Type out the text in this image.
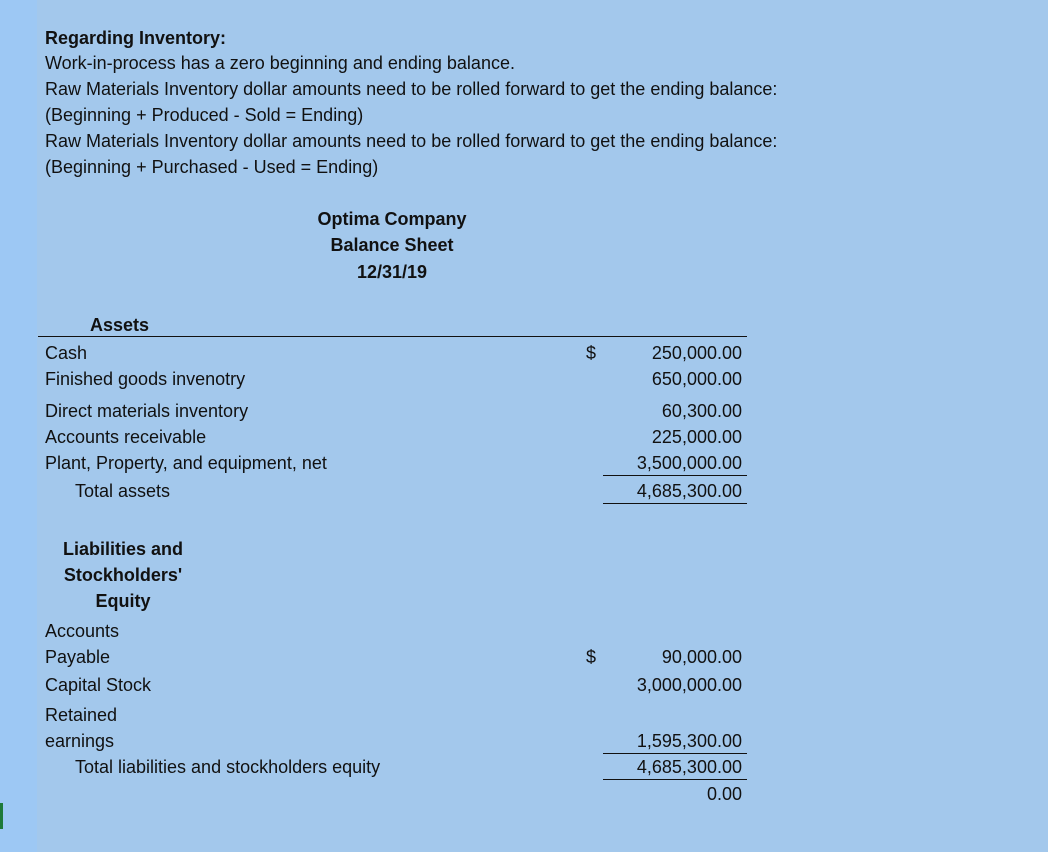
Regarding Inventory:
Work-in-process has a zero beginning and ending balance.
Raw Materials Inventory dollar amounts need to be rolled forward to get the ending balance:
(Beginning + Produced - Sold = Ending)
Raw Materials Inventory dollar amounts need to be rolled forward to get the ending balance:
(Beginning + Purchased - Used = Ending)
Optima Company
Balance Sheet
12/31/19
Assets
Cash	$	250,000.00
Finished goods invenotry	650,000.00
Direct materials inventory	60,300.00
Accounts receivable	225,000.00
Plant, Property, and equipment, net	3,500,000.00
Total assets	4,685,300.00
Liabilities and
Stockholders'
Equity
Accounts
Payable	$	90,000.00
Capital Stock	3,000,000.00
Retained
earnings	1,595,300.00
Total liabilities and stockholders equity	4,685,300.00
0.00
